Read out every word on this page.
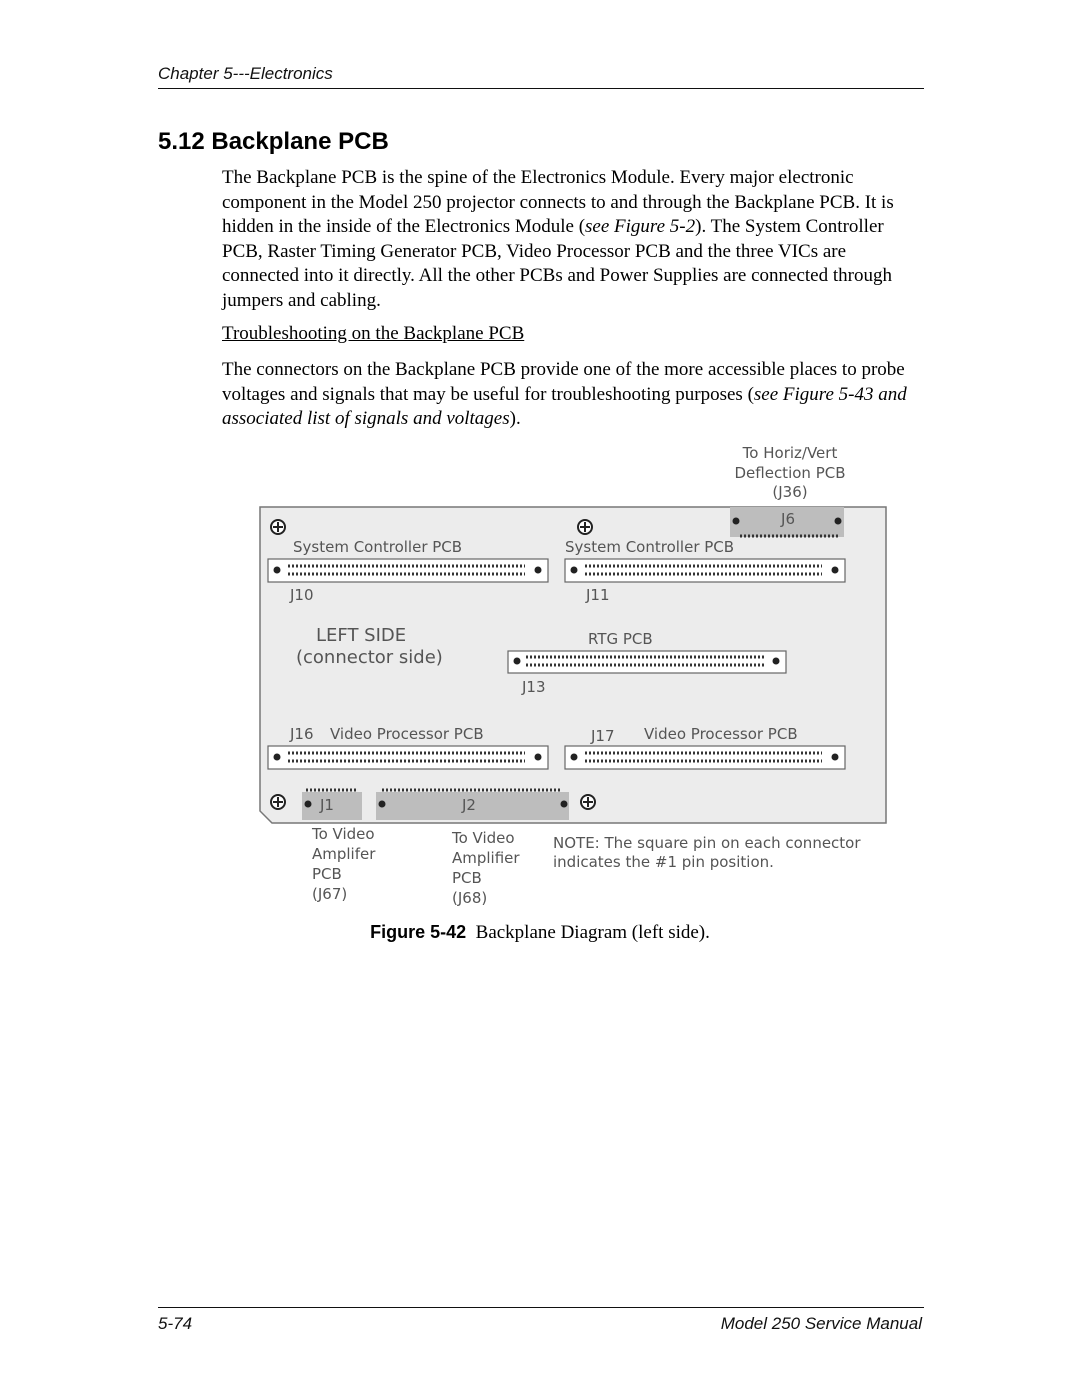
Chapter 5---Electronics
5.12 Backplane PCB
The Backplane PCB is the spine of the Electronics Module. Every major electronic component in the Model 250 projector connects to and through the Backplane PCB. It is hidden in the inside of the Electronics Module (see Figure 5-2). The System Controller PCB, Raster Timing Generator PCB, Video Processor PCB and the three VICs are connected into it directly. All the other PCBs and Power Supplies are connected through jumpers and cabling.
Troubleshooting on the Backplane PCB
The connectors on the Backplane PCB provide one of the more accessible places to probe voltages and signals that may be useful for troubleshooting purposes (see Figure 5-43 and associated list of signals and voltages).
To Horiz/Vert
Deflection PCB
(J36)
J6
System Controller PCB	System Controller PCB
J10	J11
LEFT SIDE
(connector side)
RTG PCB
J13
J16 Video Processor PCB	J17 Video Processor PCB
J1	J2
To Video
Amplifer
PCB
(J67)
To Video
Amplifier
PCB
(J68)
NOTE: The square pin on each connector
indicates the #1 pin position.
Figure 5-42 Backplane Diagram (left side).
5-74	Model 250 Service Manual
